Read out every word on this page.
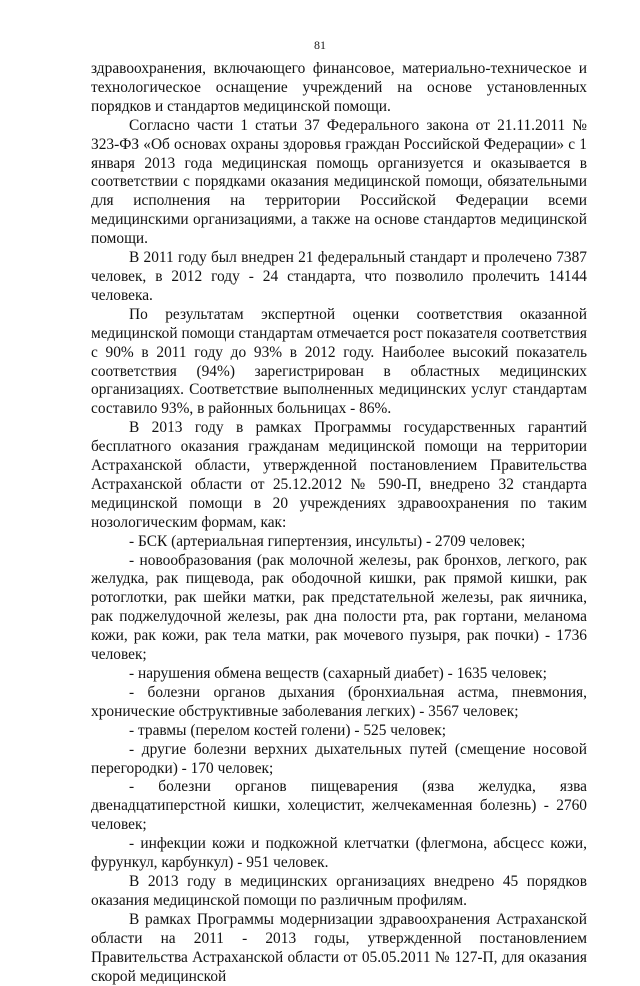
81

здравоохранения, включающего финансовое, материально-техническое и технологическое оснащение учреждений на основе установленных порядков и стандартов медицинской помощи.

Согласно части 1 статьи 37 Федерального закона от 21.11.2011 № 323-ФЗ «Об основах охраны здоровья граждан Российской Федерации» с 1 января 2013 года медицинская помощь организуется и оказывается в соответствии с порядками оказания медицинской помощи, обязательными для исполнения на территории Российской Федерации всеми медицинскими организациями, а также на основе стандартов медицинской помощи.

В 2011 году был внедрен 21 федеральный стандарт и пролечено 7387 человек, в 2012 году - 24 стандарта, что позволило пролечить 14144 человека.

По результатам экспертной оценки соответствия оказанной медицинской помощи стандартам отмечается рост показателя соответствия с 90% в 2011 году до 93% в 2012 году. Наиболее высокий показатель соответствия (94%) зарегистрирован в областных медицинских организациях. Соответствие выполненных медицинских услуг стандартам составило 93%, в районных больницах - 86%.

В 2013 году в рамках Программы государственных гарантий бесплатного оказания гражданам медицинской помощи на территории Астраханской области, утвержденной постановлением Правительства Астраханской области от 25.12.2012 № 590-П, внедрено 32 стандарта медицинской помощи в 20 учреждениях здравоохранения по таким нозологическим формам, как:

- БСК (артериальная гипертензия, инсульты) - 2709 человек;

- новообразования (рак молочной железы, рак бронхов, легкого, рак желудка, рак пищевода, рак ободочной кишки, рак прямой кишки, рак ротоглотки, рак шейки матки, рак предстательной железы, рак яичника, рак поджелудочной железы, рак дна полости рта, рак гортани, меланома кожи, рак кожи, рак тела матки, рак мочевого пузыря, рак почки) - 1736 человек;

- нарушения обмена веществ (сахарный диабет) - 1635 человек;

- болезни органов дыхания (бронхиальная астма, пневмония, хронические обструктивные заболевания легких) - 3567 человек;

- травмы (перелом костей голени) - 525 человек;

- другие болезни верхних дыхательных путей (смещение носовой перегородки) - 170 человек;

- болезни органов пищеварения (язва желудка, язва двенадцатиперстной кишки, холецистит, желчекаменная болезнь) - 2760 человек;

- инфекции кожи и подкожной клетчатки (флегмона, абсцесс кожи, фурункул, карбункул) - 951 человек.

В 2013 году в медицинских организациях внедрено 45 порядков оказания медицинской помощи по различным профилям.

В рамках Программы модернизации здравоохранения Астраханской области на 2011 - 2013 годы, утвержденной постановлением Правительства Астраханской области от 05.05.2011 № 127-П, для оказания скорой медицинской
